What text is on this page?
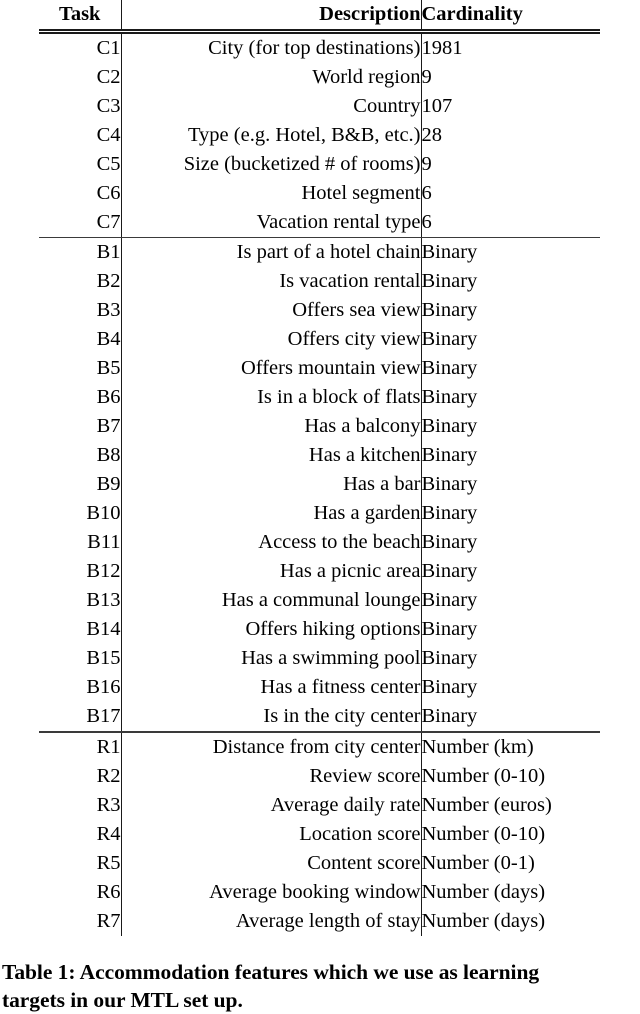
Task	Description	Cardinality

C1	City (for top destinations)	1981
C2	World region	9
C3	Country	107
C4	Type (e.g. Hotel, B&B, etc.)	28
C5	Size (bucketized # of rooms)	9
C6	Hotel segment	6
C7	Vacation rental type	6

B1	Is part of a hotel chain	Binary
B2	Is vacation rental	Binary
B3	Offers sea view	Binary
B4	Offers city view	Binary
B5	Offers mountain view	Binary
B6	Is in a block of flats	Binary
B7	Has a balcony	Binary
B8	Has a kitchen	Binary
B9	Has a bar	Binary
B10	Has a garden	Binary
B11	Access to the beach	Binary
B12	Has a picnic area	Binary
B13	Has a communal lounge	Binary
B14	Offers hiking options	Binary
B15	Has a swimming pool	Binary
B16	Has a fitness center	Binary
B17	Is in the city center	Binary

R1	Distance from city center	Number (km)
R2	Review score	Number (0-10)
R3	Average daily rate	Number (euros)
R4	Location score	Number (0-10)
R5	Content score	Number (0-1)
R6	Average booking window	Number (days)
R7	Average length of stay	Number (days)
Table 1: Accommodation features which we use as learning
targets in our MTL set up.
